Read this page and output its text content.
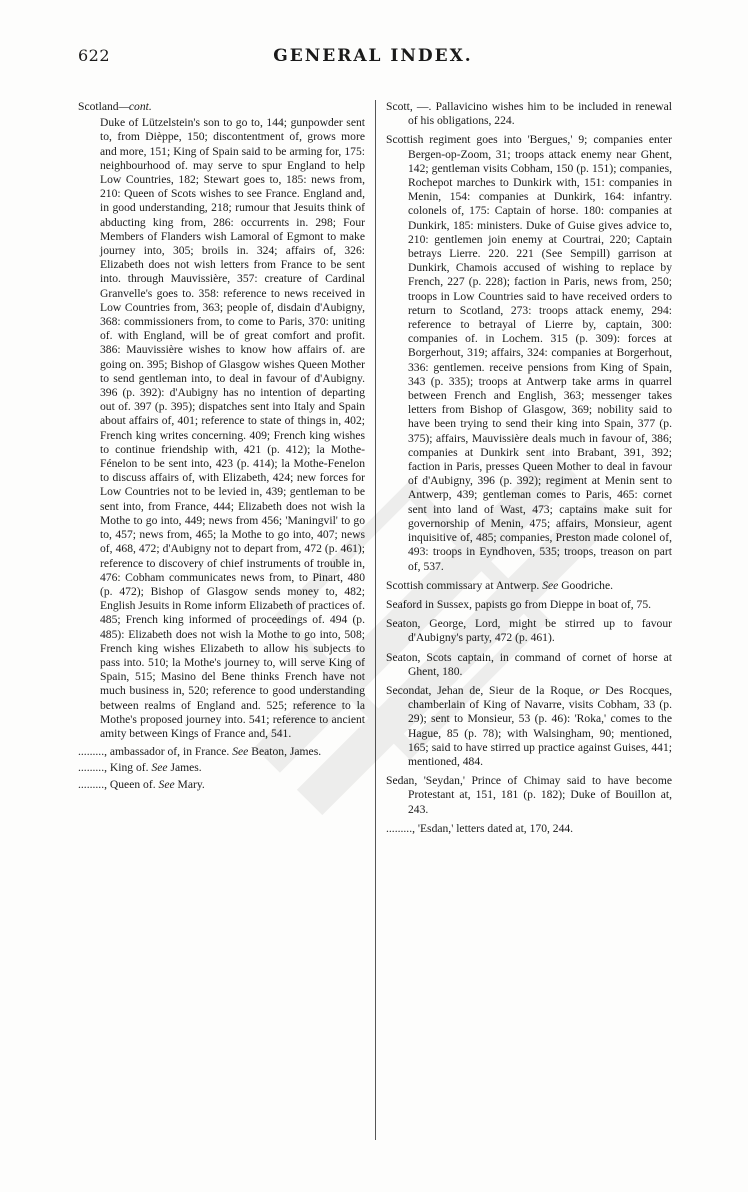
622	GENERAL INDEX.

Scotland—cont.

Duke of Lützelstein's son to go to, 144; gunpowder sent to, from Dièppe, 150; discontentment of, grows more and more, 151; King of Spain said to be arming for, 175: neighbourhood of. may serve to spur England to help Low Countries, 182; Stewart goes to, 185: news from, 210: Queen of Scots wishes to see France. England and, in good understanding, 218; rumour that Jesuits think of abducting king from, 286: occurrents in. 298; Four Members of Flanders wish Lamoral of Egmont to make journey into, 305; broils in. 324; affairs of, 326: Elizabeth does not wish letters from France to be sent into. through Mauvissière, 357: creature of Cardinal Granvelle's goes to. 358: reference to news received in Low Countries from, 363; people of, disdain d'Aubigny, 368: commissioners from, to come to Paris, 370: uniting of. with England, will be of great comfort and profit. 386: Mauvissière wishes to know how affairs of. are going on. 395; Bishop of Glasgow wishes Queen Mother to send gentleman into, to deal in favour of d'Aubigny. 396 (p. 392): d'Aubigny has no intention of departing out of. 397 (p. 395); dispatches sent into Italy and Spain about affairs of, 401; reference to state of things in, 402; French king writes concerning. 409; French king wishes to continue friendship with, 421 (p. 412); la Mothe-Fénelon to be sent into, 423 (p. 414); la Mothe-Fenelon to discuss affairs of, with Elizabeth, 424; new forces for Low Countries not to be levied in, 439; gentleman to be sent into, from France, 444; Elizabeth does not wish la Mothe to go into, 449; news from 456; 'Maningvil' to go to, 457; news from, 465; la Mothe to go into, 407; news of, 468, 472; d'Aubigny not to depart from, 472 (p. 461); reference to discovery of chief instruments of trouble in, 476: Cobham communicates news from, to Pinart, 480 (p. 472); Bishop of Glasgow sends money to, 482; English Jesuits in Rome inform Elizabeth of practices of. 485; French king informed of proceedings of. 494 (p. 485): Elizabeth does not wish la Mothe to go into, 508; French king wishes Elizabeth to allow his subjects to pass into. 510; la Mothe's journey to, will serve King of Spain, 515; Masino del Bene thinks French have not much business in, 520; reference to good understanding between realms of England and. 525; reference to la Mothe's proposed journey into. 541; reference to ancient amity between Kings of France and, 541.

........., ambassador of, in France. See Beaton, James.

........., King of. See James.

........., Queen of. See Mary.

Scott, —. Pallavicino wishes him to be included in renewal of his obligations, 224.

Scottish regiment goes into 'Bergues,' 9; companies enter Bergen-op-Zoom, 31; troops attack enemy near Ghent, 142; gentleman visits Cobham, 150 (p. 151); companies, Rochepot marches to Dunkirk with, 151: companies in Menin, 154: companies at Dunkirk, 164: infantry. colonels of, 175: Captain of horse. 180: companies at Dunkirk, 185: ministers. Duke of Guise gives advice to, 210: gentlemen join enemy at Courtrai, 220; Captain betrays Lierre. 220. 221 (See Sempill) garrison at Dunkirk, Chamois accused of wishing to replace by French, 227 (p. 228); faction in Paris, news from, 250; troops in Low Countries said to have received orders to return to Scotland, 273: troops attack enemy, 294: reference to betrayal of Lierre by, captain, 300: companies of. in Lochem. 315 (p. 309): forces at Borgerhout, 319; affairs, 324: companies at Borgerhout, 336: gentlemen. receive pensions from King of Spain, 343 (p. 335); troops at Antwerp take arms in quarrel between French and English, 363; messenger takes letters from Bishop of Glasgow, 369; nobility said to have been trying to send their king into Spain, 377 (p. 375); affairs, Mauvissière deals much in favour of, 386; companies at Dunkirk sent into Brabant, 391, 392; faction in Paris, presses Queen Mother to deal in favour of d'Aubigny, 396 (p. 392); regiment at Menin sent to Antwerp, 439; gentleman comes to Paris, 465: cornet sent into land of Wast, 473; captains make suit for governorship of Menin, 475; affairs, Monsieur, agent inquisitive of, 485; companies, Preston made colonel of, 493: troops in Eyndhoven, 535; troops, treason on part of, 537.

Scottish commissary at Antwerp. See Goodriche.

Seaford in Sussex, papists go from Dieppe in boat of, 75.

Seaton, George, Lord, might be stirred up to favour d'Aubigny's party, 472 (p. 461).

Seaton, Scots captain, in command of cornet of horse at Ghent, 180.

Secondat, Jehan de, Sieur de la Roque, or Des Rocques, chamberlain of King of Navarre, visits Cobham, 33 (p. 29); sent to Monsieur, 53 (p. 46): 'Roka,' comes to the Hague, 85 (p. 78); with Walsingham, 90; mentioned, 165; said to have stirred up practice against Guises, 441; mentioned, 484.

Sedan, 'Seydan,' Prince of Chimay said to have become Protestant at, 151, 181 (p. 182); Duke of Bouillon at, 243.

........., 'Esdan,' letters dated at, 170, 244.
